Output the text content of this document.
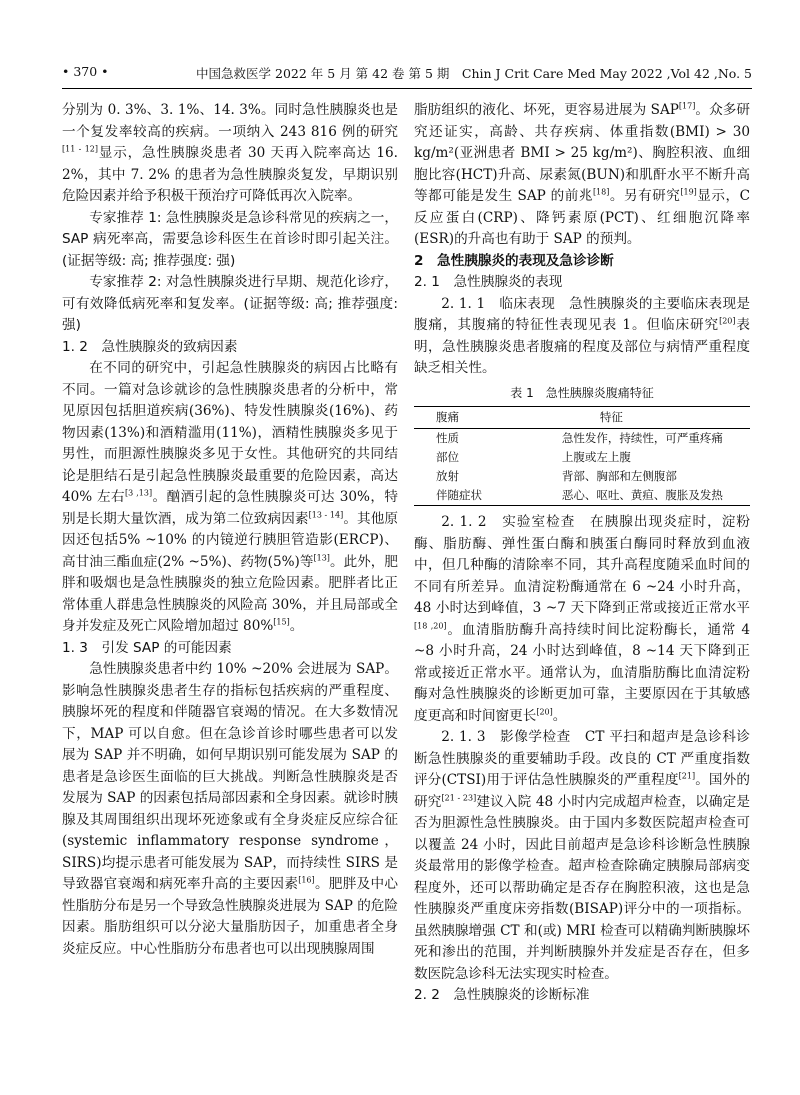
• 370 •	中国急救医学 2022 年 5 月 第 42 卷 第 5 期　Chin J Crit Care Med May 2022 ,Vol 42 ,No. 5

分别为 0. 3%、3. 1%、14. 3%。同时急性胰腺炎也是一个复发率较高的疾病。一项纳入 243 816 例的研究[11 - 12]显示，急性胰腺炎患者 30 天再入院率高达 16. 2%，其中 7. 2% 的患者为急性胰腺炎复发，早期识别危险因素并给予积极干预治疗可降低再次入院率。

专家推荐 1: 急性胰腺炎是急诊科常见的疾病之一，SAP 病死率高，需要急诊科医生在首诊时即引起关注。(证据等级: 高; 推荐强度: 强)

专家推荐 2: 对急性胰腺炎进行早期、规范化诊疗，可有效降低病死率和复发率。(证据等级: 高; 推荐强度: 强)

1. 2　急性胰腺炎的致病因素

在不同的研究中，引起急性胰腺炎的病因占比略有不同。一篇对急诊就诊的急性胰腺炎患者的分析中，常见原因包括胆道疾病(36%)、特发性胰腺炎(16%)、药物因素(13%)和酒精滥用(11%)，酒精性胰腺炎多见于男性，而胆源性胰腺炎多见于女性。其他研究的共同结论是胆结石是引起急性胰腺炎最重要的危险因素，高达 40% 左右[3 ,13]。酗酒引起的急性胰腺炎可达 30%，特别是长期大量饮酒，成为第二位致病因素[13 - 14]。其他原因还包括5% ~10% 的内镜逆行胰胆管造影(ERCP)、高甘油三酯血症(2% ~5%)、药物(5%)等[13]。此外，肥胖和吸烟也是急性胰腺炎的独立危险因素。肥胖者比正常体重人群患急性胰腺炎的风险高 30%，并且局部或全身并发症及死亡风险增加超过 80%[15]。

1. 3　引发 SAP 的可能因素

急性胰腺炎患者中约 10% ~20% 会进展为 SAP。影响急性胰腺炎患者生存的指标包括疾病的严重程度、胰腺坏死的程度和伴随器官衰竭的情况。在大多数情况下，MAP 可以自愈。但在急诊首诊时哪些患者可以发展为 SAP 并不明确，如何早期识别可能发展为 SAP 的患者是急诊医生面临的巨大挑战。判断急性胰腺炎是否发展为 SAP 的因素包括局部因素和全身因素。就诊时胰腺及其周围组织出现坏死迹象或有全身炎症反应综合征(systemic inflammatory response syndrome，SIRS)均提示患者可能发展为 SAP，而持续性 SIRS 是导致器官衰竭和病死率升高的主要因素[16]。肥胖及中心性脂肪分布是另一个导致急性胰腺炎进展为 SAP 的危险因素。脂肪组织可以分泌大量脂肪因子，加重患者全身炎症反应。中心性脂肪分布患者也可以出现胰腺周围

脂肪组织的液化、坏死，更容易进展为 SAP[17]。众多研究还证实，高龄、共存疾病、体重指数(BMI) > 30 kg/m²(亚洲患者 BMI > 25 kg/m²)、胸腔积液、血细胞比容(HCT)升高、尿素氮(BUN)和肌酐水平不断升高等都可能是发生 SAP 的前兆[18]。另有研究[19]显示，C 反应蛋白(CRP)、降钙素原(PCT)、红细胞沉降率(ESR)的升高也有助于 SAP 的预判。

2　急性胰腺炎的表现及急诊诊断

2. 1　急性胰腺炎的表现

2. 1. 1　临床表现　急性胰腺炎的主要临床表现是腹痛，其腹痛的特征性表现见表 1。但临床研究[20]表明，急性胰腺炎患者腹痛的程度及部位与病情严重程度缺乏相关性。

表 1　急性胰腺炎腹痛特征
腹痛	特征
性质	急性发作，持续性，可严重疼痛
部位	上腹或左上腹
放射	背部、胸部和左侧腹部
伴随症状	恶心、呕吐、黄疸、腹胀及发热

2. 1. 2　实验室检查　在胰腺出现炎症时，淀粉酶、脂肪酶、弹性蛋白酶和胰蛋白酶同时释放到血液中，但几种酶的清除率不同，其升高程度随采血时间的不同有所差异。血清淀粉酶通常在 6 ~24 小时升高，48 小时达到峰值，3 ~7 天下降到正常或接近正常水平[18 ,20]。血清脂肪酶升高持续时间比淀粉酶长，通常 4 ~8 小时升高，24 小时达到峰值，8 ~14 天下降到正常或接近正常水平。通常认为，血清脂肪酶比血清淀粉酶对急性胰腺炎的诊断更加可靠，主要原因在于其敏感度更高和时间窗更长[20]。

2. 1. 3　影像学检查　CT 平扫和超声是急诊科诊断急性胰腺炎的重要辅助手段。改良的 CT 严重度指数评分(CTSI)用于评估急性胰腺炎的严重程度[21]。国外的研究[21 - 23]建议入院 48 小时内完成超声检查，以确定是否为胆源性急性胰腺炎。由于国内多数医院超声检查可以覆盖 24 小时，因此目前超声是急诊科诊断急性胰腺炎最常用的影像学检查。超声检查除确定胰腺局部病变程度外，还可以帮助确定是否存在胸腔积液，这也是急性胰腺炎严重度床旁指数(BISAP)评分中的一项指标。虽然胰腺增强 CT 和(或) MRI 检查可以精确判断胰腺坏死和渗出的范围，并判断胰腺外并发症是否存在，但多数医院急诊科无法实现实时检查。

2. 2　急性胰腺炎的诊断标准
